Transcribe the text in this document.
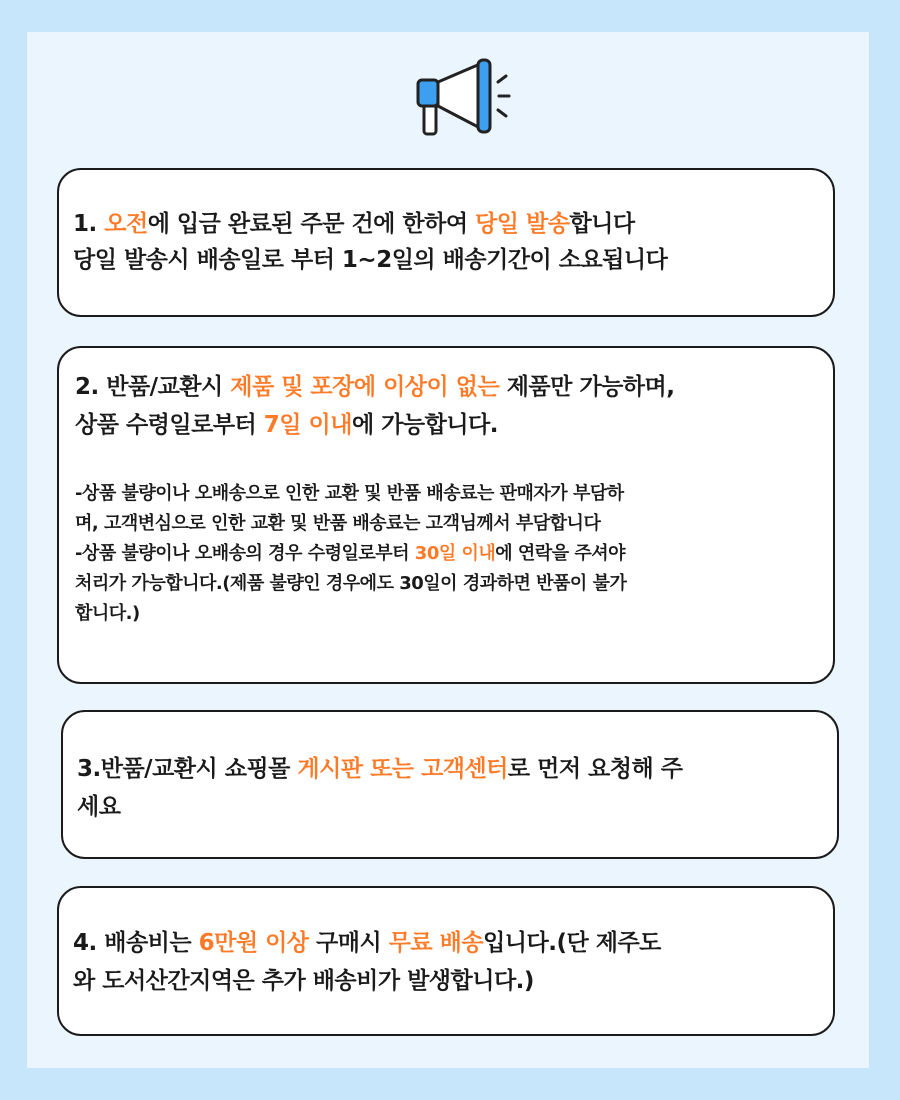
1. 오전에 입금 완료된 주문 건에 한하여 당일 발송합니다

당일 발송시 배송일로 부터 1~2일의 배송기간이 소요됩니다

2. 반품/교환시 제품 및 포장에 이상이 없는 제품만 가능하며,

상품 수령일로부터 7일 이내에 가능합니다.

-상품 불량이나 오배송으로 인한 교환 및 반품 배송료는 판매자가 부담하

며, 고객변심으로 인한 교환 및 반품 배송료는 고객님께서 부담합니다

-상품 불량이나 오배송의 경우 수령일로부터 30일 이내에 연락을 주셔야

처리가 가능합니다.(제품 불량인 경우에도 30일이 경과하면 반품이 불가

합니다.)

3.반품/교환시 쇼핑몰 게시판 또는 고객센터로 먼저 요청해 주

세요

4. 배송비는 6만원 이상 구매시 무료 배송입니다.(단 제주도

와 도서산간지역은 추가 배송비가 발생합니다.)
